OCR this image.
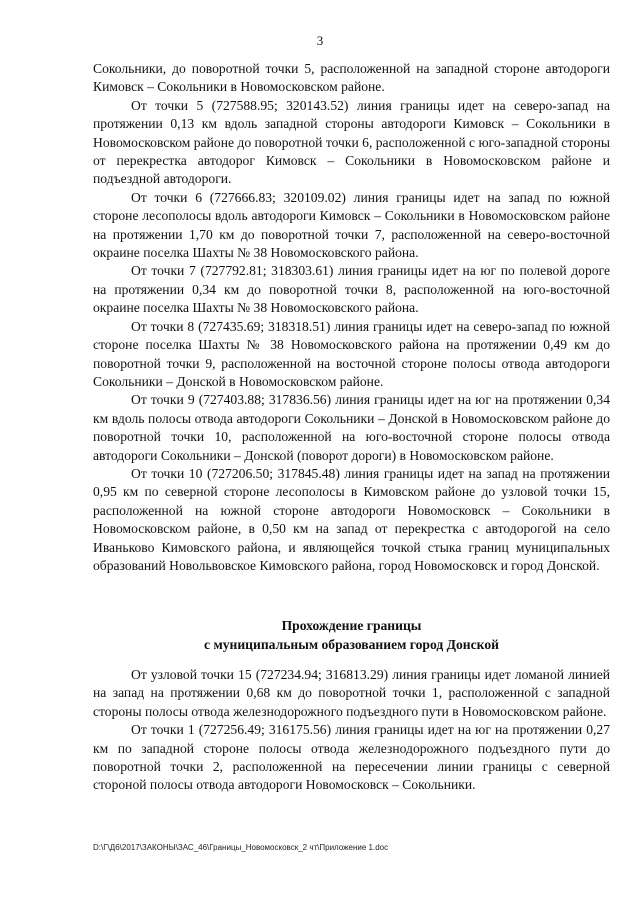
3

Сокольники, до поворотной точки 5, расположенной на западной стороне автодороги Кимовск – Сокольники в Новомосковском районе.

От точки 5 (727588.95; 320143.52) линия границы идет на северо-запад на протяжении 0,13 км вдоль западной стороны автодороги Кимовск – Сокольники в Новомосковском районе до поворотной точки 6, расположенной с юго-западной стороны от перекрестка автодорог Кимовск – Сокольники в Новомосковском районе и подъездной автодороги.

От точки 6 (727666.83; 320109.02) линия границы идет на запад по южной стороне лесополосы вдоль автодороги Кимовск – Сокольники в Новомосковском районе на протяжении 1,70 км до поворотной точки 7, расположенной на северо-восточной окраине поселка Шахты № 38 Новомосковского района.

От точки 7 (727792.81; 318303.61) линия границы идет на юг по полевой дороге на протяжении 0,34 км до поворотной точки 8, расположенной на юго-восточной окраине поселка Шахты № 38 Новомосковского района.

От точки 8 (727435.69; 318318.51) линия границы идет на северо-запад по южной стороне поселка Шахты № 38 Новомосковского района на протяжении 0,49 км до поворотной точки 9, расположенной на восточной стороне полосы отвода автодороги Сокольники – Донской в Новомосковском районе.

От точки 9 (727403.88; 317836.56) линия границы идет на юг на протяжении 0,34 км вдоль полосы отвода автодороги Сокольники – Донской в Новомосковском районе до поворотной точки 10, расположенной на юго-восточной стороне полосы отвода автодороги Сокольники – Донской (поворот дороги) в Новомосковском районе.

От точки 10 (727206.50; 317845.48) линия границы идет на запад на протяжении 0,95 км по северной стороне лесополосы в Кимовском районе до узловой точки 15, расположенной на южной стороне автодороги Новомосковск – Сокольники в Новомосковском районе, в 0,50 км на запад от перекрестка с автодорогой на село Иваньково Кимовского района, и являющейся точкой стыка границ муниципальных образований Новольвовское Кимовского района, город Новомосковск и город Донской.

Прохождение границы
с муниципальным образованием город Донской

От узловой точки 15 (727234.94; 316813.29) линия границы идет ломаной линией на запад на протяжении 0,68 км до поворотной точки 1, расположенной с западной стороны полосы отвода железнодорожного подъездного пути в Новомосковском районе.

От точки 1 (727256.49; 316175.56) линия границы идет на юг на протяжении 0,27 км по западной стороне полосы отвода железнодорожного подъездного пути до поворотной точки 2, расположенной на пересечении линии границы с северной стороной полосы отвода автодороги Новомосковск – Сокольники.

D:\Г\Д6\2017\ЗАКОНЫ\ЗАС_46\Границы_Новомосковск_2 чт\Приложение 1.doc
